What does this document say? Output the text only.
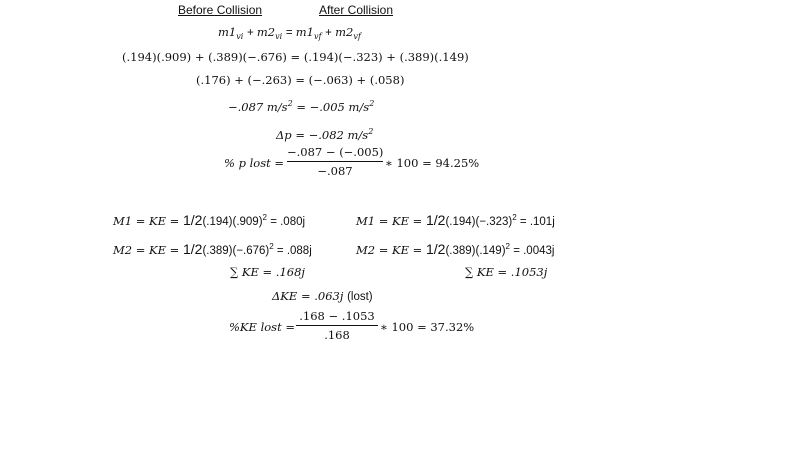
Before Collision	After Collision
$m1_{vi} + m2_{vi} = m1_{vf} + m2_{vf}$
(.194)(.909) + (.389)(−.676) = (.194)(−.323) + (.389)(.149)
(.176) + (−.263) = (−.063) + (.058)
−.087 $m/s^2 = -.005$ $m/s^2$
Δp = −.082 $m/s^2$
% p lost =
−.087 − (−.005)
−.087
∗ 100 = 94.25%
M1 = KE = $1/2(.194)(.909)^2 = .080j$	M1 = KE = $1/2(.194)(-.323)^2 = .101j$
M2 = KE = $1/2(.389)(-.676)^2 = .088j$	M2 = KE = $1/2(.389)(.149)^2 = .0043j$
∑ KE = .168j	∑ KE = .1053j
ΔKE = .063j (lost)
%KE lost =
.168 − .1053
.168
∗ 100 = 37.32%
